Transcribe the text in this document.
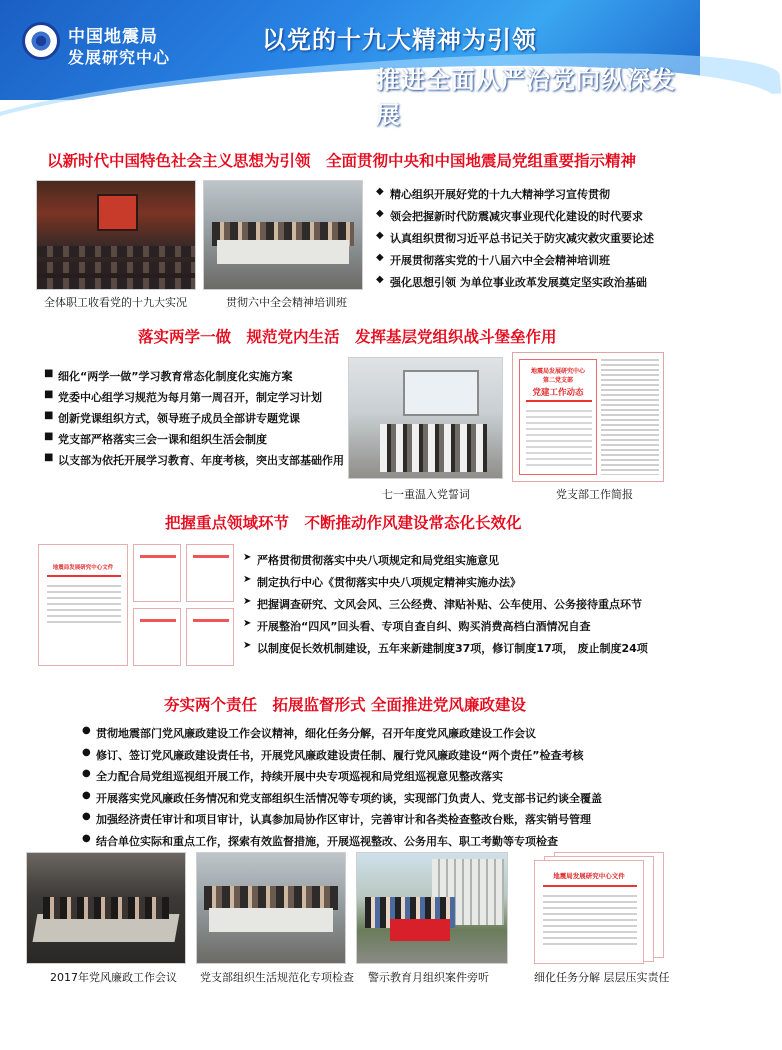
中国地震局
发展研究中心
以党的十九大精神为引领
推进全面从严治党向纵深发展
以新时代中国特色社会主义思想为引领　全面贯彻中央和中国地震局党组重要指示精神
全体职工收看党的十九大实况	贯彻六中全会精神培训班
◆ 精心组织开展好党的十九大精神学习宣传贯彻
◆ 领会把握新时代防震减灾事业现代化建设的时代要求
◆ 认真组织贯彻习近平总书记关于防灾减灾救灾重要论述
◆ 开展贯彻落实党的十八届六中全会精神培训班
◆ 强化思想引领 为单位事业改革发展奠定坚实政治基础
落实两学一做　规范党内生活　发挥基层党组织战斗堡垒作用
■ 细化“两学一做”学习教育常态化制度化实施方案
■ 党委中心组学习规范为每月第一周召开，制定学习计划
■ 创新党课组织方式，领导班子成员全部讲专题党课
■ 党支部严格落实三会一课和组织生活会制度
■ 以支部为依托开展学习教育、年度考核，突出支部基础作用
地震局发展研究中心
第二党支部
党建工作动态
七一重温入党誓词	党支部工作简报
把握重点领域环节　不断推动作风建设常态化长效化
地震局发展研究中心文件
➤ 严格贯彻贯彻落实中央八项规定和局党组实施意见
➤ 制定执行中心《贯彻落实中央八项规定精神实施办法》
➤ 把握调查研究、文风会风、三公经费、津贴补贴、公车使用、公务接待重点环节
➤ 开展整治“四风”回头看、专项自查自纠、购买消费高档白酒情况自查
➤ 以制度促长效机制建设，五年来新建制度37项，修订制度17项， 废止制度24项
夯实两个责任　拓展监督形式 全面推进党风廉政建设
● 贯彻地震部门党风廉政建设工作会议精神，细化任务分解，召开年度党风廉政建设工作会议
● 修订、签订党风廉政建设责任书，开展党风廉政建设责任制、履行党风廉政建设“两个责任”检查考核
● 全力配合局党组巡视组开展工作，持续开展中央专项巡视和局党组巡视意见整改落实
● 开展落实党风廉政任务情况和党支部组织生活情况等专项约谈，实现部门负责人、党支部书记约谈全覆盖
● 加强经济责任审计和项目审计，认真参加局协作区审计，完善审计和各类检查整改台账，落实销号管理
● 结合单位实际和重点工作，探索有效监督措施，开展巡视整改、公务用车、职工考勤等专项检查
地震局发展研究中心文件
2017年党风廉政工作会议 党支部组织生活规范化专项检查 警示教育月组织案件旁听	细化任务分解 层层压实责任
